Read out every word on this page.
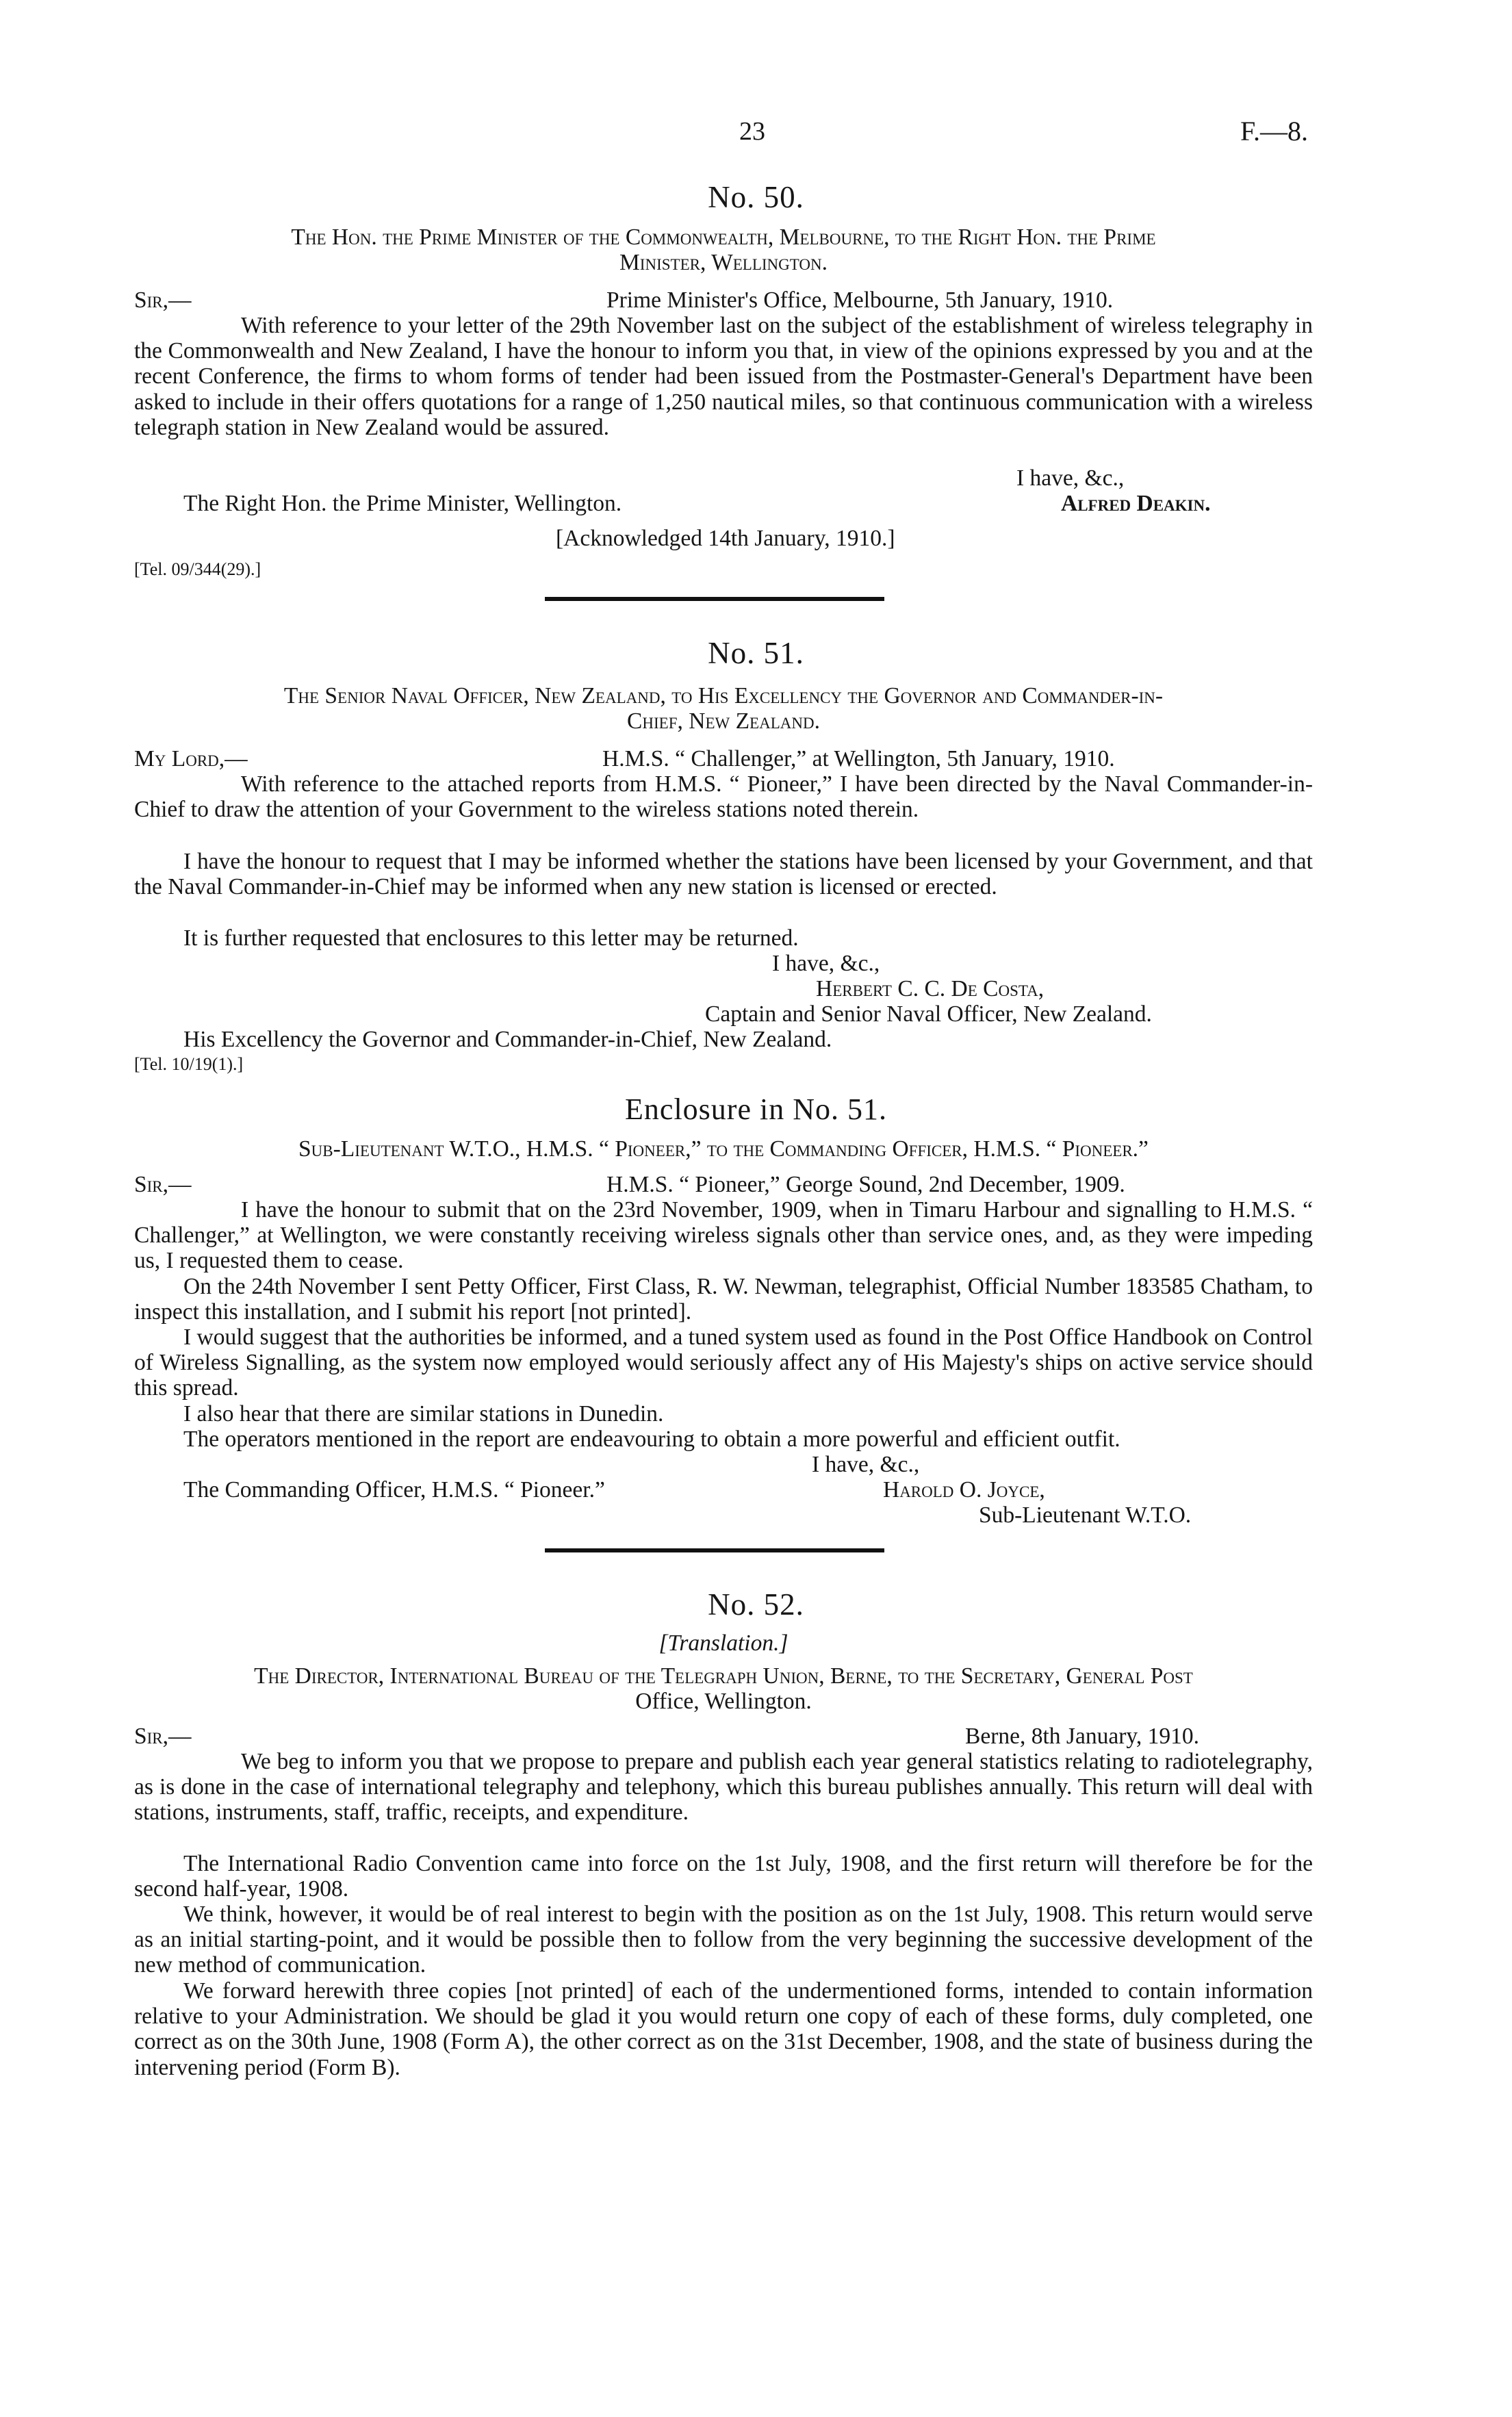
23	F.—8.
No. 50.
The Hon. the Prime Minister of the Commonwealth, Melbourne, to the Right Hon. the Prime
Minister, Wellington.
Sir,—	Prime Minister's Office, Melbourne, 5th January, 1910.

With reference to your letter of the 29th November last on the subject of the establishment of wireless telegraphy in the Commonwealth and New Zealand, I have the honour to inform you that, in view of the opinions expressed by you and at the recent Conference, the firms to whom forms of tender had been issued from the Postmaster-General's Department have been asked to include in their offers quotations for a range of 1,250 nautical miles, so that continuous communication with a wireless telegraph station in New Zealand would be assured.

I have, &c.,
The Right Hon. the Prime Minister, Wellington.	Alfred Deakin.
[Acknowledged 14th January, 1910.]
[Tel. 09/344(29).]
No. 51.
The Senior Naval Officer, New Zealand, to His Excellency the Governor and Commander-in-
Chief, New Zealand.
My Lord,—	H.M.S. “ Challenger,” at Wellington, 5th January, 1910.

With reference to the attached reports from H.M.S. “ Pioneer,” I have been directed by the Naval Commander-in-Chief to draw the attention of your Government to the wireless stations noted therein.

I have the honour to request that I may be informed whether the stations have been licensed by your Government, and that the Naval Commander-in-Chief may be informed when any new station is licensed or erected.

It is further requested that enclosures to this letter may be returned.

I have, &c.,
Herbert C. C. De Costa,
Captain and Senior Naval Officer, New Zealand.
His Excellency the Governor and Commander-in-Chief, New Zealand.
[Tel. 10/19(1).]
Enclosure in No. 51.
Sub-Lieutenant W.T.O., H.M.S. “ Pioneer,” to the Commanding Officer, H.M.S. “ Pioneer.”
Sir,—	H.M.S. “ Pioneer,” George Sound, 2nd December, 1909.

I have the honour to submit that on the 23rd November, 1909, when in Timaru Harbour and signalling to H.M.S. “ Challenger,” at Wellington, we were constantly receiving wireless signals other than service ones, and, as they were impeding us, I requested them to cease.

On the 24th November I sent Petty Officer, First Class, R. W. Newman, telegraphist, Official Number 183585 Chatham, to inspect this installation, and I submit his report [not printed].

I would suggest that the authorities be informed, and a tuned system used as found in the Post Office Handbook on Control of Wireless Signalling, as the system now employed would seriously affect any of His Majesty's ships on active service should this spread.

I also hear that there are similar stations in Dunedin.

The operators mentioned in the report are endeavouring to obtain a more powerful and efficient outfit.

I have, &c.,
The Commanding Officer, H.M.S. “ Pioneer.”	Harold O. Joyce,
Sub-Lieutenant W.T.O.
No. 52.
[Translation.]
The Director, International Bureau of the Telegraph Union, Berne, to the Secretary, General Post
Office, Wellington.
Sir,—	Berne, 8th January, 1910.

We beg to inform you that we propose to prepare and publish each year general statistics relating to radiotelegraphy, as is done in the case of international telegraphy and telephony, which this bureau publishes annually. This return will deal with stations, instruments, staff, traffic, receipts, and expenditure.

The International Radio Convention came into force on the 1st July, 1908, and the first return will therefore be for the second half-year, 1908.

We think, however, it would be of real interest to begin with the position as on the 1st July, 1908. This return would serve as an initial starting-point, and it would be possible then to follow from the very beginning the successive development of the new method of communication.

We forward herewith three copies [not printed] of each of the undermentioned forms, intended to contain information relative to your Administration. We should be glad it you would return one copy of each of these forms, duly completed, one correct as on the 30th June, 1908 (Form A), the other correct as on the 31st December, 1908, and the state of business during the intervening period (Form B).
